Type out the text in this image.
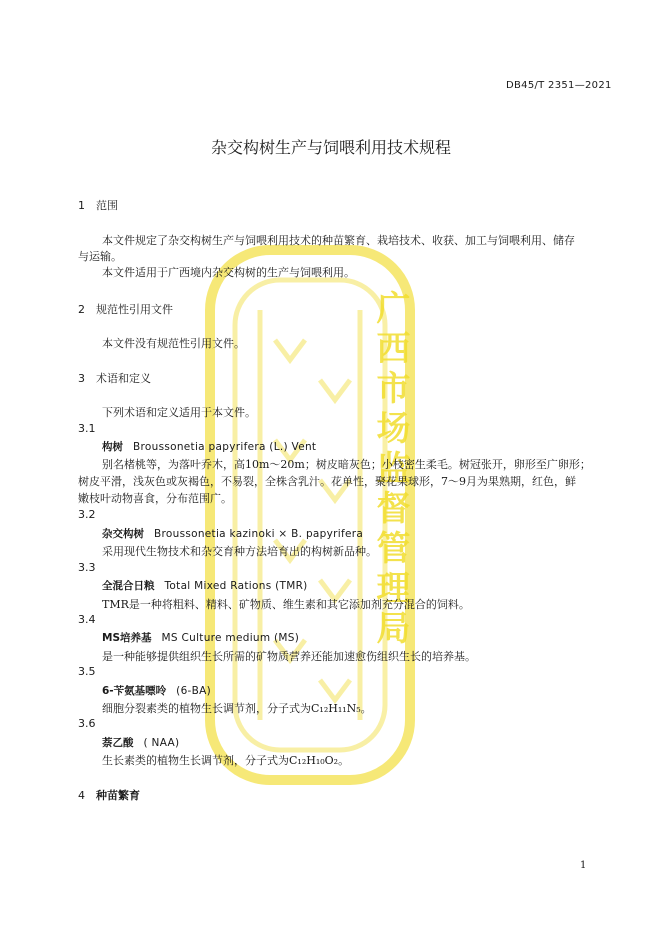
广西市场监督管理局
DB45/T 2351—2021
杂交构树生产与饲喂利用技术规程
1 范围
本文件规定了杂交构树生产与饲喂利用技术的种苗繁育、栽培技术、收获、加工与饲喂利用、储存
与运输。
本文件适用于广西境内杂交构树的生产与饲喂利用。
2 规范性引用文件
本文件没有规范性引用文件。
3 术语和定义
下列术语和定义适用于本文件。
3.1
构树 Broussonetia papyrifera (L.) Vent
别名楮桃等，为落叶乔木，高10m～20m；树皮暗灰色；小枝密生柔毛。树冠张开，卵形至广卵形；
树皮平滑，浅灰色或灰褐色，不易裂，全株含乳汁。花单性，聚花果球形，7～9月为果熟期，红色，鲜
嫩枝叶动物喜食，分布范围广。
3.2
杂交构树 Broussonetia kazinoki × B. papyrifera
采用现代生物技术和杂交育种方法培育出的构树新品种。
3.3
全混合日粮 Total Mixed Rations (TMR)
TMR是一种将粗料、精料、矿物质、维生素和其它添加剂充分混合的饲料。
3.4
MS培养基 MS Culture medium (MS)
是一种能够提供组织生长所需的矿物质营养还能加速愈伤组织生长的培养基。
3.5
6-苄氨基嘌呤 (6-BA)
细胞分裂素类的植物生长调节剂，分子式为C₁₂H₁₁N₅。
3.6
萘乙酸 ( NAA)
生长素类的植物生长调节剂，分子式为C₁₂H₁₀O₂。
4 种苗繁育
1
